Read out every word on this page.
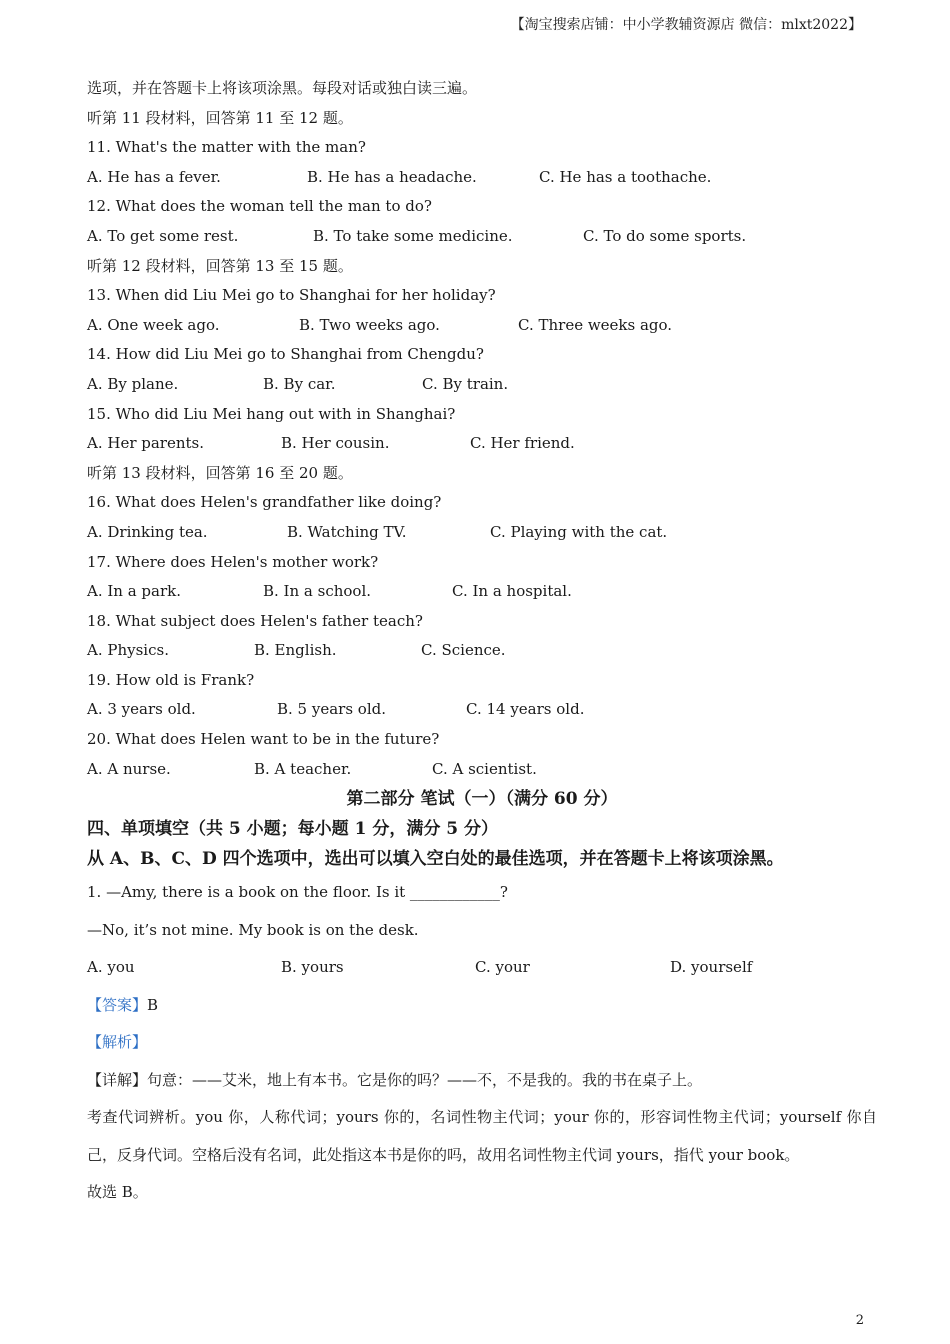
【淘宝搜索店铺：中小学教辅资源店 微信：mlxt2022】
选项，并在答题卡上将该项涂黑。每段对话或独白读三遍。
听第 11 段材料，回答第 11 至 12 题。
11. What's the matter with the man?
A. He has a fever.	B. He has a headache.	C. He has a toothache.
12. What does the woman tell the man to do?
A. To get some rest.	B. To take some medicine.	C. To do some sports.
听第 12 段材料，回答第 13 至 15 题。
13. When did Liu Mei go to Shanghai for her holiday?
A. One week ago.	B. Two weeks ago.	C. Three weeks ago.
14. How did Liu Mei go to Shanghai from Chengdu?
A. By plane.	B. By car.	C. By train.
15. Who did Liu Mei hang out with in Shanghai?
A. Her parents.	B. Her cousin.	C. Her friend.
听第 13 段材料，回答第 16 至 20 题。
16. What does Helen's grandfather like doing?
A. Drinking tea.	B. Watching TV.	C. Playing with the cat.
17. Where does Helen's mother work?
A. In a park.	B. In a school.	C. In a hospital.
18. What subject does Helen's father teach?
A. Physics.	B. English.	C. Science.
19. How old is Frank?
A. 3 years old.	B. 5 years old.	C. 14 years old.
20. What does Helen want to be in the future?
A. A nurse.	B. A teacher.	C. A scientist.
第二部分 笔试（一）（满分 60 分）
四、单项填空（共 5 小题；每小题 1 分，满分 5 分）
从 A、B、C、D 四个选项中，选出可以填入空白处的最佳选项，并在答题卡上将该项涂黑。
1. —Amy, there is a book on the floor. Is it ____________?
—No, it’s not mine. My book is on the desk.
A. you	B. yours	C. your	D. yourself
【答案】B
【解析】
【详解】句意：——艾米，地上有本书。它是你的吗？——不，不是我的。我的书在桌子上。
考查代词辨析。you 你，人称代词；yours 你的，名词性物主代词；your 你的，形容词性物主代词；yourself 你自己，反身代词。空格后没有名词，此处指这本书是你的吗，故用名词性物主代词 yours，指代 your book。
故选 B。
2
